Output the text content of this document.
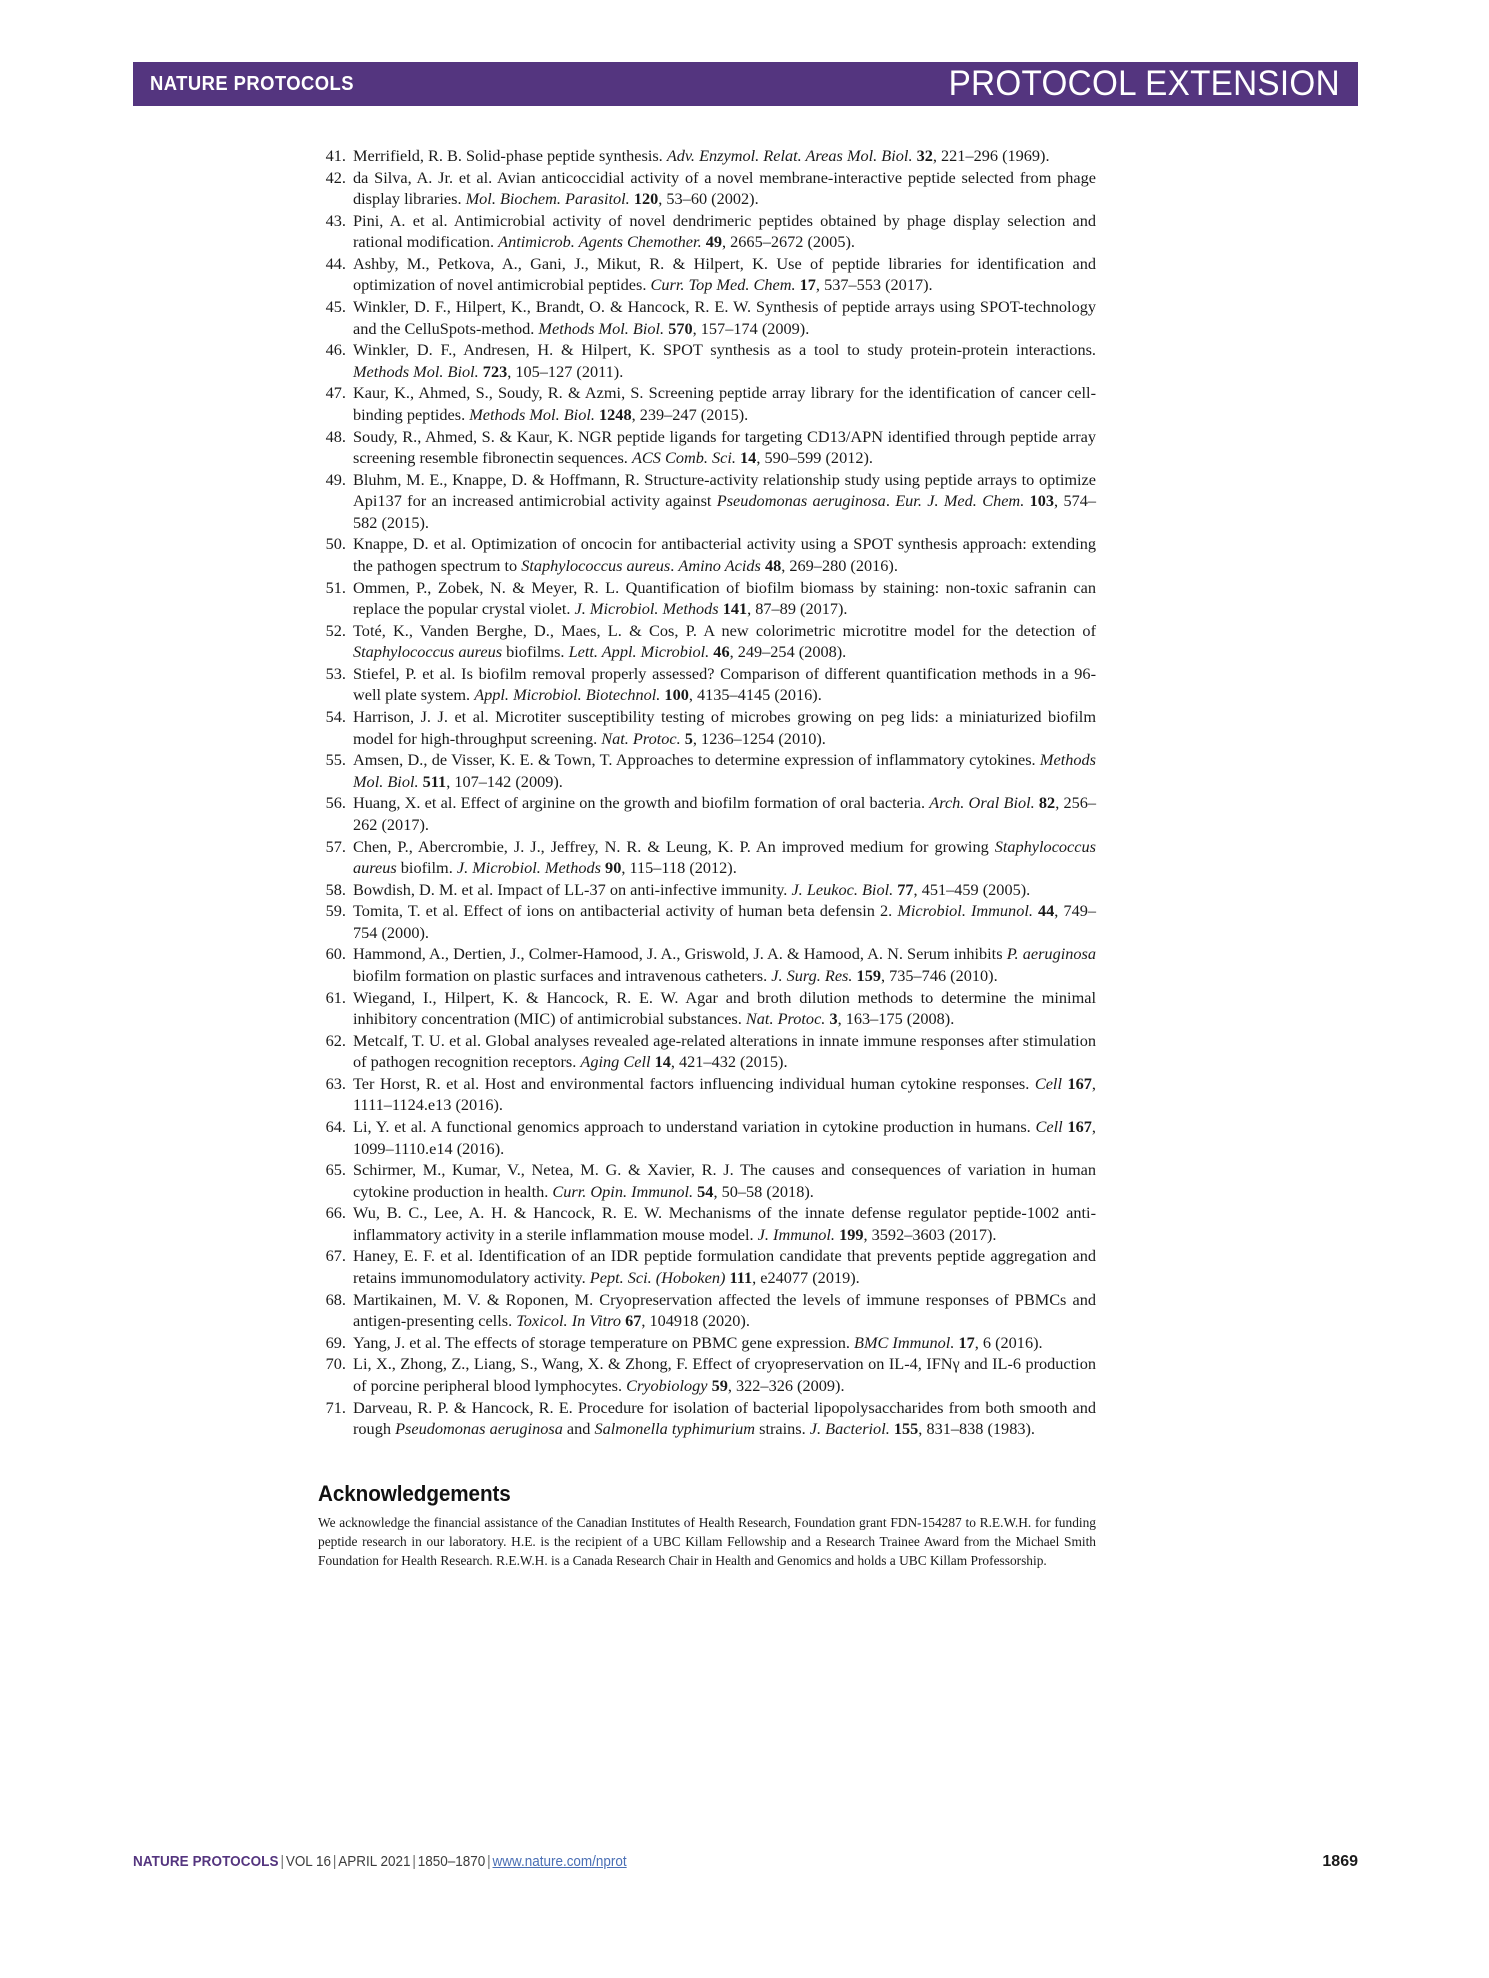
NATURE PROTOCOLS	PROTOCOL EXTENSION
41. Merrifield, R. B. Solid-phase peptide synthesis. Adv. Enzymol. Relat. Areas Mol. Biol. 32, 221–296 (1969).
42. da Silva, A. Jr. et al. Avian anticoccidial activity of a novel membrane-interactive peptide selected from phage display libraries. Mol. Biochem. Parasitol. 120, 53–60 (2002).
43. Pini, A. et al. Antimicrobial activity of novel dendrimeric peptides obtained by phage display selection and rational modification. Antimicrob. Agents Chemother. 49, 2665–2672 (2005).
44. Ashby, M., Petkova, A., Gani, J., Mikut, R. & Hilpert, K. Use of peptide libraries for identification and optimization of novel antimicrobial peptides. Curr. Top Med. Chem. 17, 537–553 (2017).
45. Winkler, D. F., Hilpert, K., Brandt, O. & Hancock, R. E. W. Synthesis of peptide arrays using SPOT-technology and the CelluSpots-method. Methods Mol. Biol. 570, 157–174 (2009).
46. Winkler, D. F., Andresen, H. & Hilpert, K. SPOT synthesis as a tool to study protein-protein interactions. Methods Mol. Biol. 723, 105–127 (2011).
47. Kaur, K., Ahmed, S., Soudy, R. & Azmi, S. Screening peptide array library for the identification of cancer cell-binding peptides. Methods Mol. Biol. 1248, 239–247 (2015).
48. Soudy, R., Ahmed, S. & Kaur, K. NGR peptide ligands for targeting CD13/APN identified through peptide array screening resemble fibronectin sequences. ACS Comb. Sci. 14, 590–599 (2012).
49. Bluhm, M. E., Knappe, D. & Hoffmann, R. Structure-activity relationship study using peptide arrays to optimize Api137 for an increased antimicrobial activity against Pseudomonas aeruginosa. Eur. J. Med. Chem. 103, 574–582 (2015).
50. Knappe, D. et al. Optimization of oncocin for antibacterial activity using a SPOT synthesis approach: extending the pathogen spectrum to Staphylococcus aureus. Amino Acids 48, 269–280 (2016).
51. Ommen, P., Zobek, N. & Meyer, R. L. Quantification of biofilm biomass by staining: non-toxic safranin can replace the popular crystal violet. J. Microbiol. Methods 141, 87–89 (2017).
52. Toté, K., Vanden Berghe, D., Maes, L. & Cos, P. A new colorimetric microtitre model for the detection of Staphylococcus aureus biofilms. Lett. Appl. Microbiol. 46, 249–254 (2008).
53. Stiefel, P. et al. Is biofilm removal properly assessed? Comparison of different quantification methods in a 96-well plate system. Appl. Microbiol. Biotechnol. 100, 4135–4145 (2016).
54. Harrison, J. J. et al. Microtiter susceptibility testing of microbes growing on peg lids: a miniaturized biofilm model for high-throughput screening. Nat. Protoc. 5, 1236–1254 (2010).
55. Amsen, D., de Visser, K. E. & Town, T. Approaches to determine expression of inflammatory cytokines. Methods Mol. Biol. 511, 107–142 (2009).
56. Huang, X. et al. Effect of arginine on the growth and biofilm formation of oral bacteria. Arch. Oral Biol. 82, 256–262 (2017).
57. Chen, P., Abercrombie, J. J., Jeffrey, N. R. & Leung, K. P. An improved medium for growing Staphylococcus aureus biofilm. J. Microbiol. Methods 90, 115–118 (2012).
58. Bowdish, D. M. et al. Impact of LL-37 on anti-infective immunity. J. Leukoc. Biol. 77, 451–459 (2005).
59. Tomita, T. et al. Effect of ions on antibacterial activity of human beta defensin 2. Microbiol. Immunol. 44, 749–754 (2000).
60. Hammond, A., Dertien, J., Colmer-Hamood, J. A., Griswold, J. A. & Hamood, A. N. Serum inhibits P. aeruginosa biofilm formation on plastic surfaces and intravenous catheters. J. Surg. Res. 159, 735–746 (2010).
61. Wiegand, I., Hilpert, K. & Hancock, R. E. W. Agar and broth dilution methods to determine the minimal inhibitory concentration (MIC) of antimicrobial substances. Nat. Protoc. 3, 163–175 (2008).
62. Metcalf, T. U. et al. Global analyses revealed age-related alterations in innate immune responses after stimulation of pathogen recognition receptors. Aging Cell 14, 421–432 (2015).
63. Ter Horst, R. et al. Host and environmental factors influencing individual human cytokine responses. Cell 167, 1111–1124.e13 (2016).
64. Li, Y. et al. A functional genomics approach to understand variation in cytokine production in humans. Cell 167, 1099–1110.e14 (2016).
65. Schirmer, M., Kumar, V., Netea, M. G. & Xavier, R. J. The causes and consequences of variation in human cytokine production in health. Curr. Opin. Immunol. 54, 50–58 (2018).
66. Wu, B. C., Lee, A. H. & Hancock, R. E. W. Mechanisms of the innate defense regulator peptide-1002 anti-inflammatory activity in a sterile inflammation mouse model. J. Immunol. 199, 3592–3603 (2017).
67. Haney, E. F. et al. Identification of an IDR peptide formulation candidate that prevents peptide aggregation and retains immunomodulatory activity. Pept. Sci. (Hoboken) 111, e24077 (2019).
68. Martikainen, M. V. & Roponen, M. Cryopreservation affected the levels of immune responses of PBMCs and antigen-presenting cells. Toxicol. In Vitro 67, 104918 (2020).
69. Yang, J. et al. The effects of storage temperature on PBMC gene expression. BMC Immunol. 17, 6 (2016).
70. Li, X., Zhong, Z., Liang, S., Wang, X. & Zhong, F. Effect of cryopreservation on IL-4, IFNγ and IL-6 production of porcine peripheral blood lymphocytes. Cryobiology 59, 322–326 (2009).
71. Darveau, R. P. & Hancock, R. E. Procedure for isolation of bacterial lipopolysaccharides from both smooth and rough Pseudomonas aeruginosa and Salmonella typhimurium strains. J. Bacteriol. 155, 831–838 (1983).
Acknowledgements

We acknowledge the financial assistance of the Canadian Institutes of Health Research, Foundation grant FDN-154287 to R.E.W.H. for funding peptide research in our laboratory. H.E. is the recipient of a UBC Killam Fellowship and a Research Trainee Award from the Michael Smith Foundation for Health Research. R.E.W.H. is a Canada Research Chair in Health and Genomics and holds a UBC Killam Professorship.

NATURE PROTOCOLS | VOL 16 | APRIL 2021 | 1850–1870 | www.nature.com/nprot	1869
